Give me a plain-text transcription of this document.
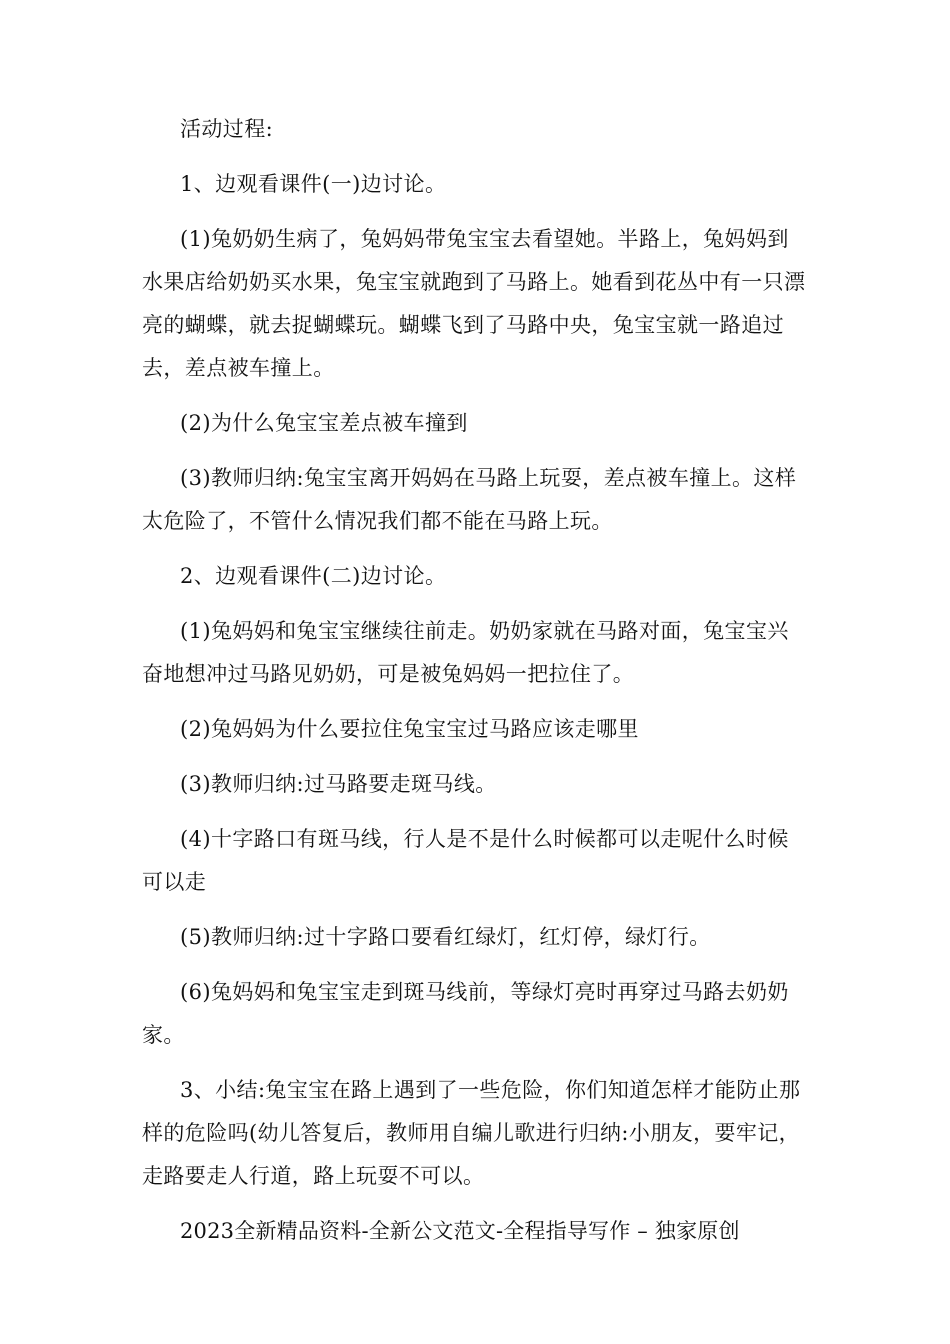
活动过程:

1、边观看课件(一)边讨论。

(1)兔奶奶生病了，兔妈妈带兔宝宝去看望她。半路上，兔妈妈到水果店给奶奶买水果，兔宝宝就跑到了马路上。她看到花丛中有一只漂亮的蝴蝶，就去捉蝴蝶玩。蝴蝶飞到了马路中央，兔宝宝就一路追过去，差点被车撞上。

(2)为什么兔宝宝差点被车撞到

(3)教师归纳:兔宝宝离开妈妈在马路上玩耍，差点被车撞上。这样太危险了，不管什么情况我们都不能在马路上玩。

2、边观看课件(二)边讨论。

(1)兔妈妈和兔宝宝继续往前走。奶奶家就在马路对面，兔宝宝兴奋地想冲过马路见奶奶，可是被兔妈妈一把拉住了。

(2)兔妈妈为什么要拉住兔宝宝过马路应该走哪里

(3)教师归纳:过马路要走斑马线。

(4)十字路口有斑马线，行人是不是什么时候都可以走呢什么时候可以走

(5)教师归纳:过十字路口要看红绿灯，红灯停，绿灯行。

(6)兔妈妈和兔宝宝走到斑马线前，等绿灯亮时再穿过马路去奶奶家。

3、小结:兔宝宝在路上遇到了一些危险，你们知道怎样才能防止那样的危险吗(幼儿答复后，教师用自编儿歌进行归纳:小朋友，要牢记，走路要走人行道，路上玩耍不可以。

2023全新精品资料-全新公文范文-全程指导写作 – 独家原创
